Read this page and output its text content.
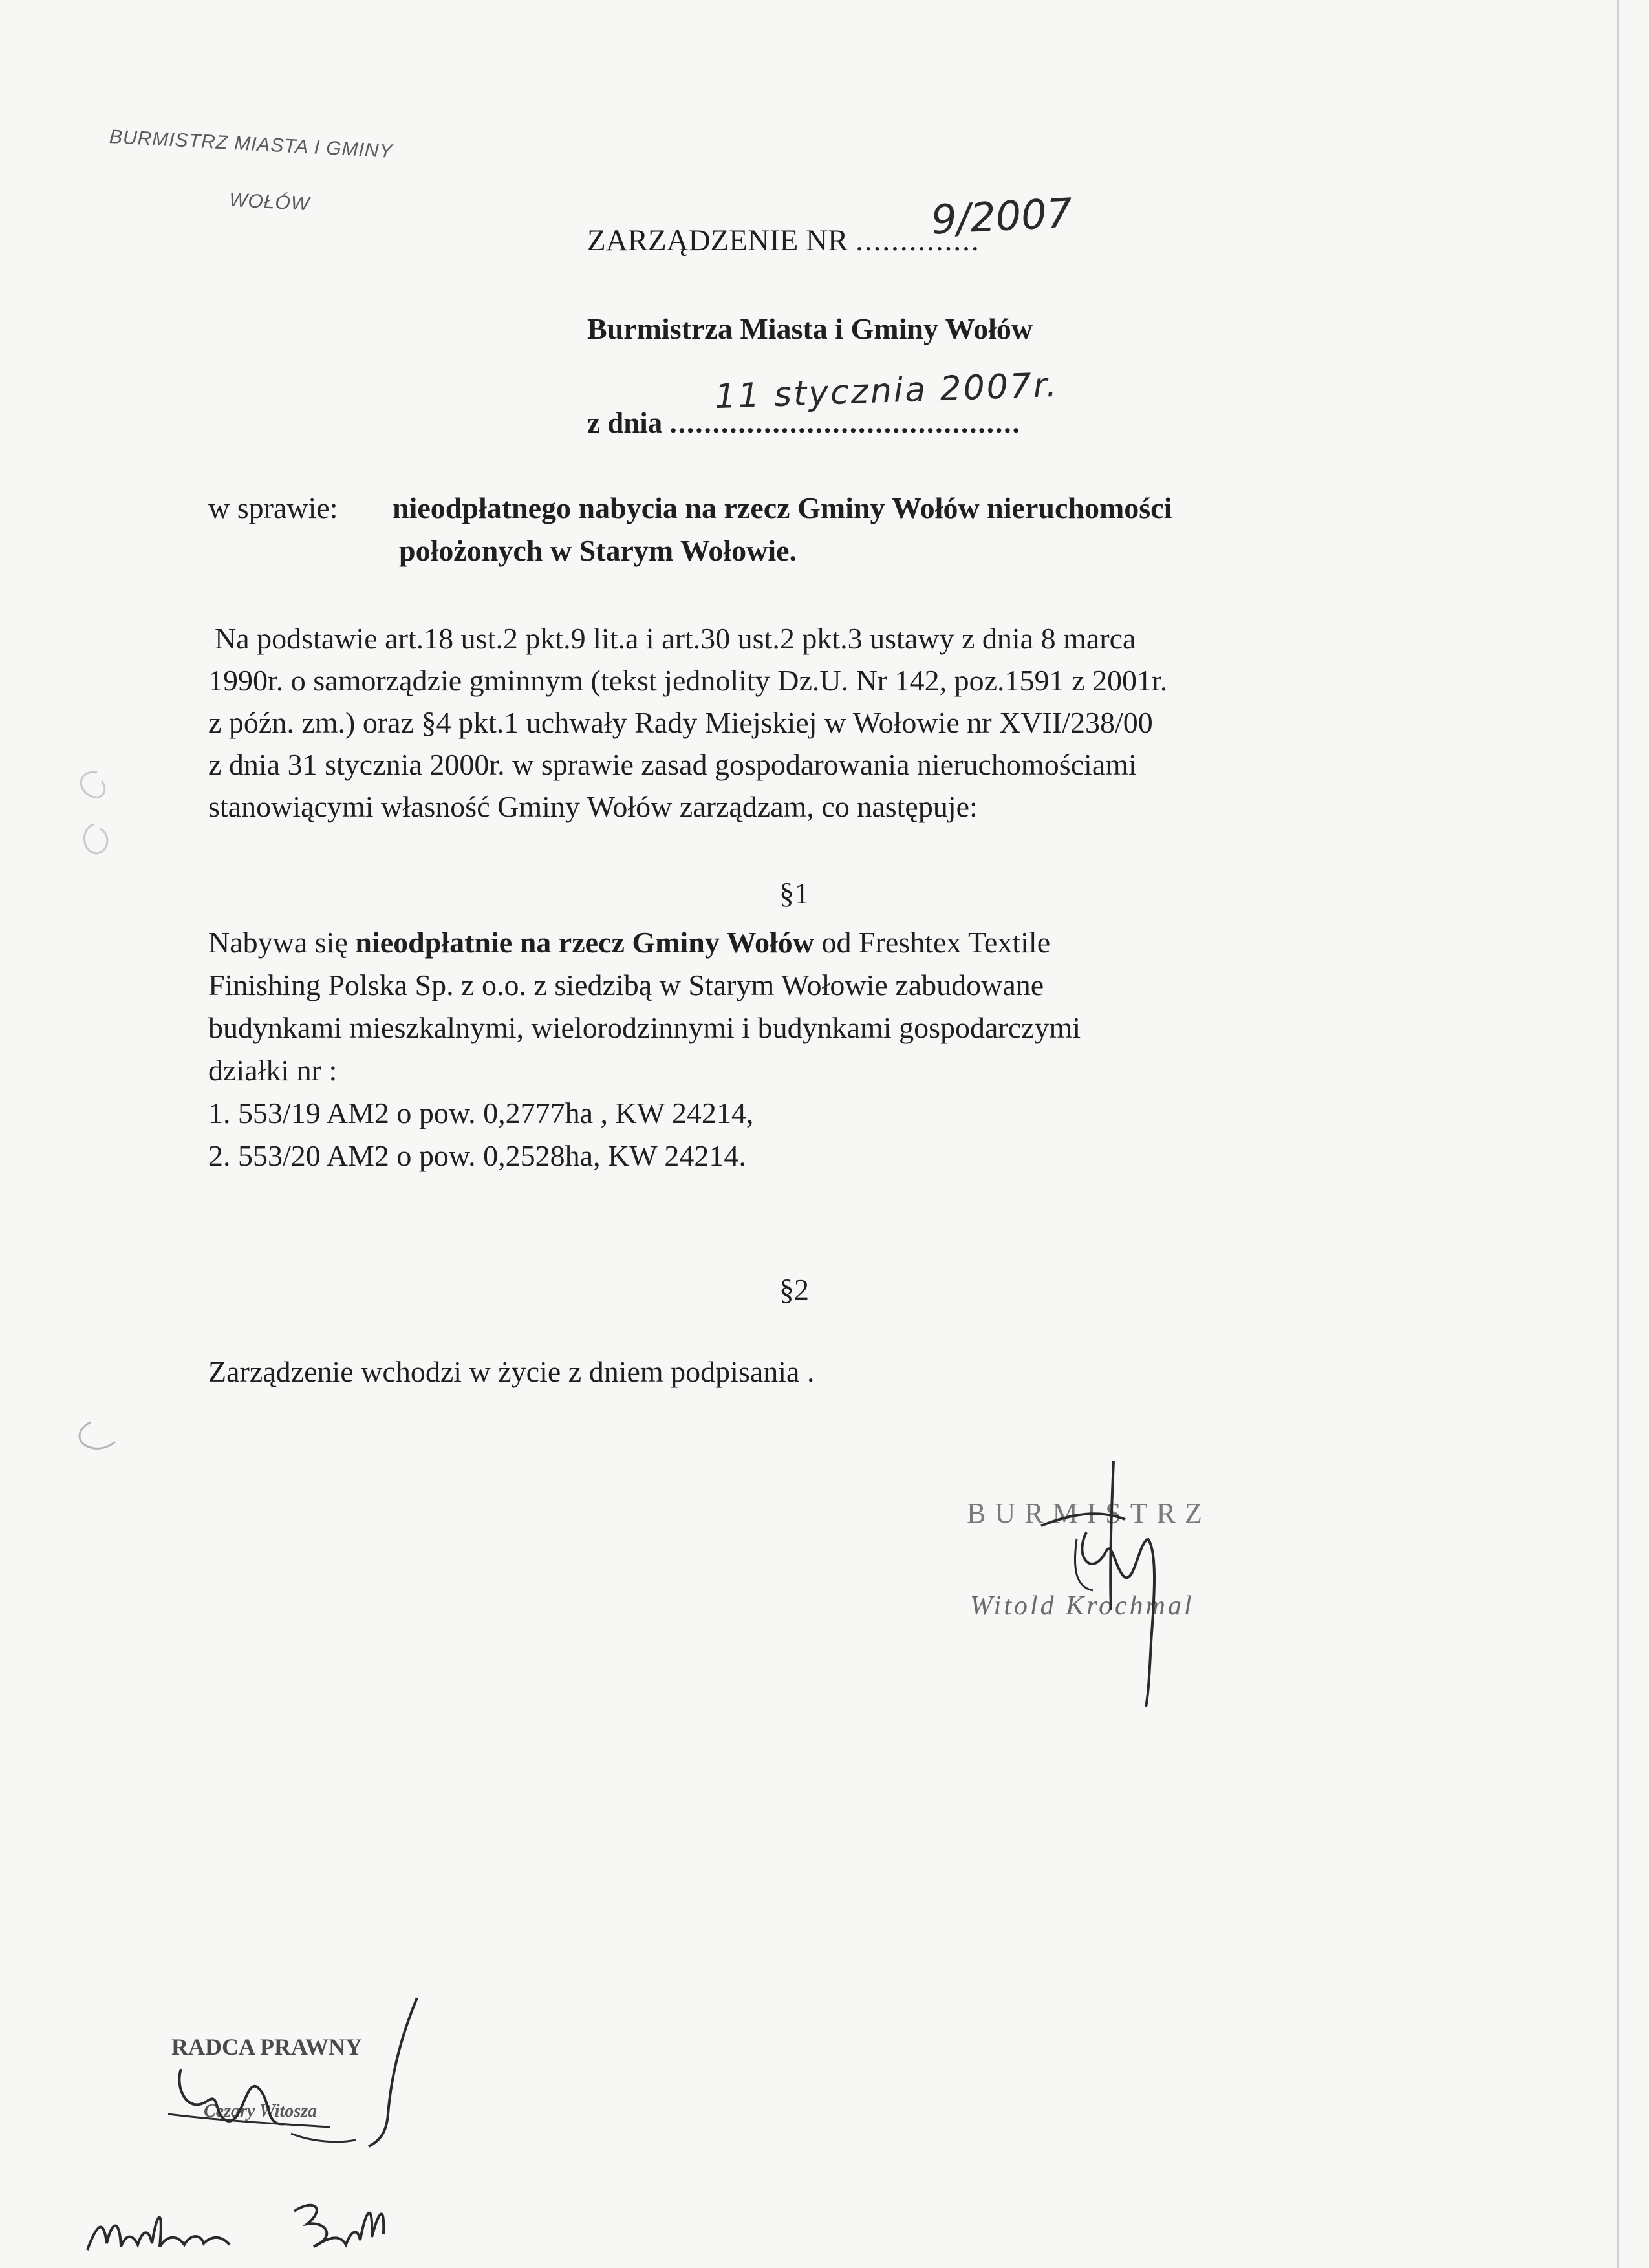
BURMISTRZ MIASTA I GMINY
WOŁÓW
ZARZĄDZENIE NR ..............
9/2007
Burmistrza Miasta i Gminy Wołów
z dnia .........................................
11 stycznia 2007r.
w sprawie: nieodpłatnego nabycia na rzecz Gminy Wołów nieruchomości
położonych w Starym Wołowie.
Na podstawie art.18 ust.2 pkt.9 lit.a i art.30 ust.2 pkt.3 ustawy z dnia 8 marca
1990r. o samorządzie gminnym (tekst jednolity Dz.U. Nr 142, poz.1591 z 2001r.
z późn. zm.) oraz §4 pkt.1 uchwały Rady Miejskiej w Wołowie nr XVII/238/00
z dnia 31 stycznia 2000r. w sprawie zasad gospodarowania nieruchomościami
stanowiącymi własność Gminy Wołów zarządzam, co następuje:
§1
Nabywa się nieodpłatnie na rzecz Gminy Wołów od Freshtex Textile
Finishing Polska Sp. z o.o. z siedzibą w Starym Wołowie zabudowane
budynkami mieszkalnymi, wielorodzinnymi i budynkami gospodarczymi
działki nr :
1. 553/19 AM2 o pow. 0,2777ha , KW 24214,
2. 553/20 AM2 o pow. 0,2528ha, KW 24214.
§2
Zarządzenie wchodzi w życie z dniem podpisania .
BURMISTRZ
Witold Krochmal
RADCA PRAWNY
Cezary Witosza
